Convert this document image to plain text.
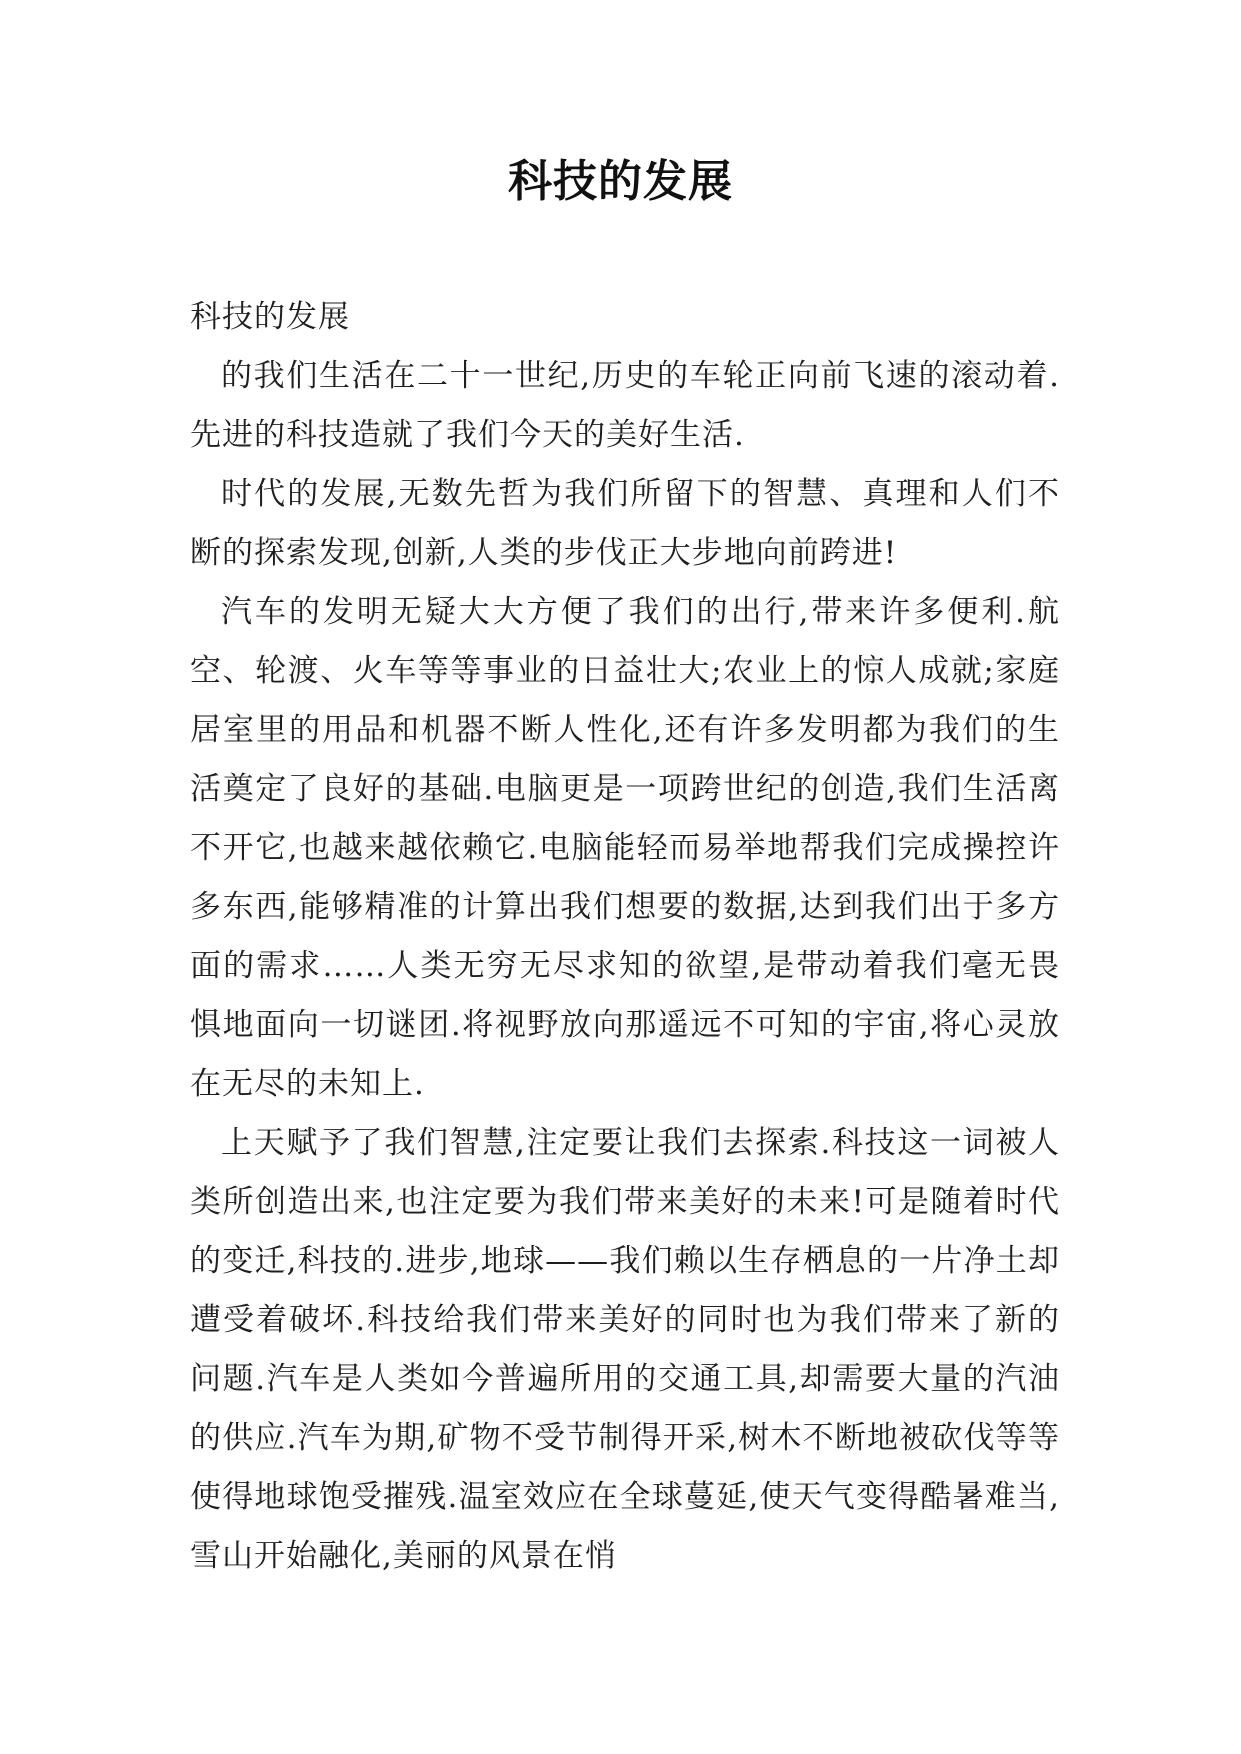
科技的发展

科技的发展

的我们生活在二十一世纪,历史的车轮正向前飞速的滚动着.先进的科技造就了我们今天的美好生活.

时代的发展,无数先哲为我们所留下的智慧、真理和人们不断的探索发现,创新,人类的步伐正大步地向前跨进!

汽车的发明无疑大大方便了我们的出行,带来许多便利.航空、轮渡、火车等等事业的日益壮大;农业上的惊人成就;家庭居室里的用品和机器不断人性化,还有许多发明都为我们的生活奠定了良好的基础.电脑更是一项跨世纪的创造,我们生活离不开它,也越来越依赖它.电脑能轻而易举地帮我们完成操控许多东西,能够精准的计算出我们想要的数据,达到我们出于多方面的需求……人类无穷无尽求知的欲望,是带动着我们毫无畏惧地面向一切谜团.将视野放向那遥远不可知的宇宙,将心灵放在无尽的未知上.

上天赋予了我们智慧,注定要让我们去探索.科技这一词被人类所创造出来,也注定要为我们带来美好的未来!可是随着时代的变迁,科技的.进步,地球——我们赖以生存栖息的一片净土却遭受着破坏.科技给我们带来美好的同时也为我们带来了新的问题.汽车是人类如今普遍所用的交通工具,却需要大量的汽油的供应.汽车为期,矿物不受节制得开采,树木不断地被砍伐等等使得地球饱受摧残.温室效应在全球蔓延,使天气变得酷暑难当,雪山开始融化,美丽的风景在悄
